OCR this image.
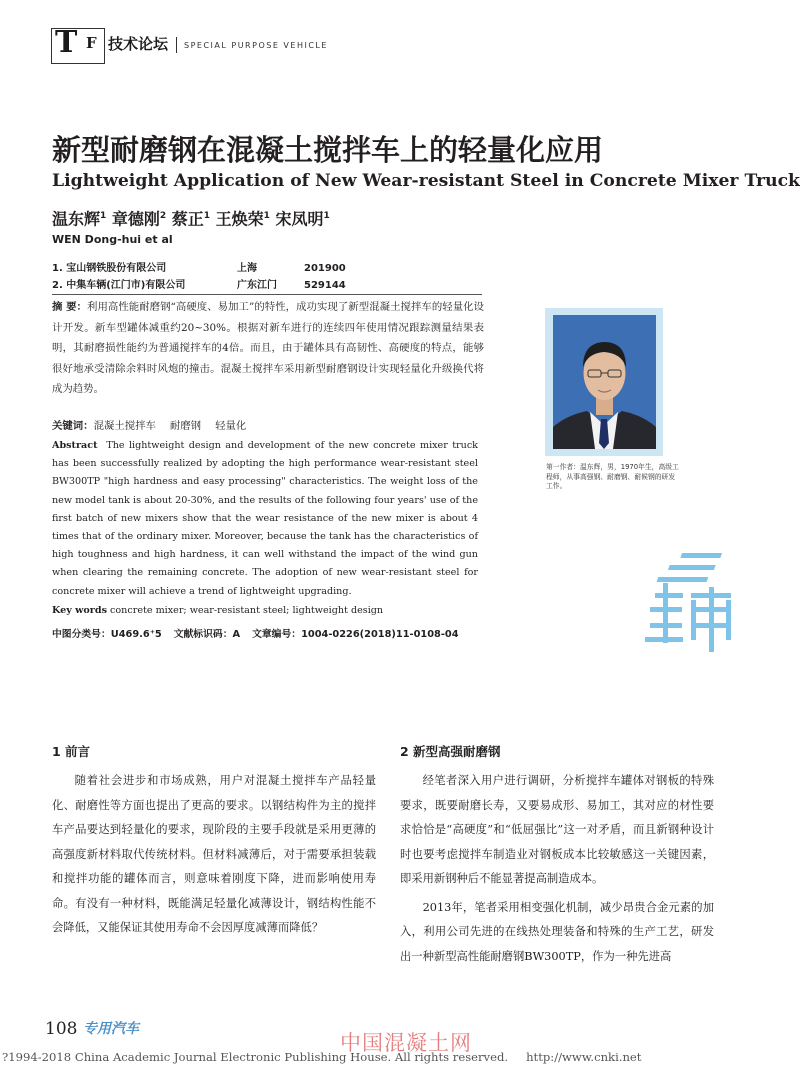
T F 技术论坛 SPECIAL PURPOSE VEHICLE
新型耐磨钢在混凝土搅拌车上的轻量化应用
Lightweight Application of New Wear-resistant Steel in Concrete Mixer Truck
温东辉$^1$ 章德刚$^2$ 蔡正$^1$ 王焕荣$^1$ 宋凤明$^1$
WEN Dong-hui et al
1. 宝山钢铁股份有限公司	上海	201900
2. 中集车辆(江门市)有限公司	广东江门	529144
摘 要：利用高性能耐磨钢“高硬度、易加工”的特性，成功实现了新型混凝土搅拌车的轻量化设计开发。新车型罐体减重约20~30%。根据对新车进行的连续四年使用情况跟踪测量结果表明，其耐磨损性能约为普通搅拌车的4倍。而且，由于罐体具有高韧性、高硬度的特点，能够很好地承受清除余料时风炮的撞击。混凝土搅拌车采用新型耐磨钢设计实现轻量化升级换代将成为趋势。
关键词：混凝土搅拌车 耐磨钢 轻量化
Abstract The lightweight design and development of the new concrete mixer truck has been successfully realized by adopting the high performance wear-resistant steel BW300TP "high hardness and easy processing" characteristics. The weight loss of the new model tank is about 20-30%, and the results of the following four years' use of the first batch of new mixers show that the wear resistance of the new mixer is about 4 times that of the ordinary mixer. Moreover, because the tank has the characteristics of high toughness and high hardness, it can well withstand the impact of the wind gun when clearing the remaining concrete. The adoption of new wear-resistant steel for concrete mixer will achieve a trend of lightweight upgrading.
Key words concrete mixer; wear-resistant steel; lightweight design
中图分类号：U469.6⁺5 文献标识码：A 文章编号：1004-0226(2018)11-0108-04
第一作者：温东辉，男，1970年生，高级工程师，从事高强钢、耐磨钢、耐候钢的研发工作。
1 前言

随着社会进步和市场成熟，用户对混凝土搅拌车产品轻量化、耐磨性等方面也提出了更高的要求。以钢结构件为主的搅拌车产品要达到轻量化的要求，现阶段的主要手段就是采用更薄的高强度新材料取代传统材料。但材料减薄后，对于需要承担装载和搅拌功能的罐体而言，则意味着刚度下降，进而影响使用寿命。有没有一种材料，既能满足轻量化减薄设计，钢结构性能不会降低，又能保证其使用寿命不会因厚度减薄而降低？

2 新型高强耐磨钢

经笔者深入用户进行调研，分析搅拌车罐体对钢板的特殊要求，既要耐磨长寿，又要易成形、易加工，其对应的材性要求恰恰是“高硬度”和“低屈强比”这一对矛盾，而且新钢种设计时也要考虑搅拌车制造业对钢板成本比较敏感这一关键因素，即采用新钢种后不能显著提高制造成本。

2013年，笔者采用相变强化机制，减少昂贵合金元素的加入，利用公司先进的在线热处理装备和特殊的生产工艺，研发出一种新型高性能耐磨钢BW300TP，作为一种先进高

108 专用汽车
中国混凝土网
?1994-2018 China Academic Journal Electronic Publishing House. All rights reserved. http://www.cnki.net
